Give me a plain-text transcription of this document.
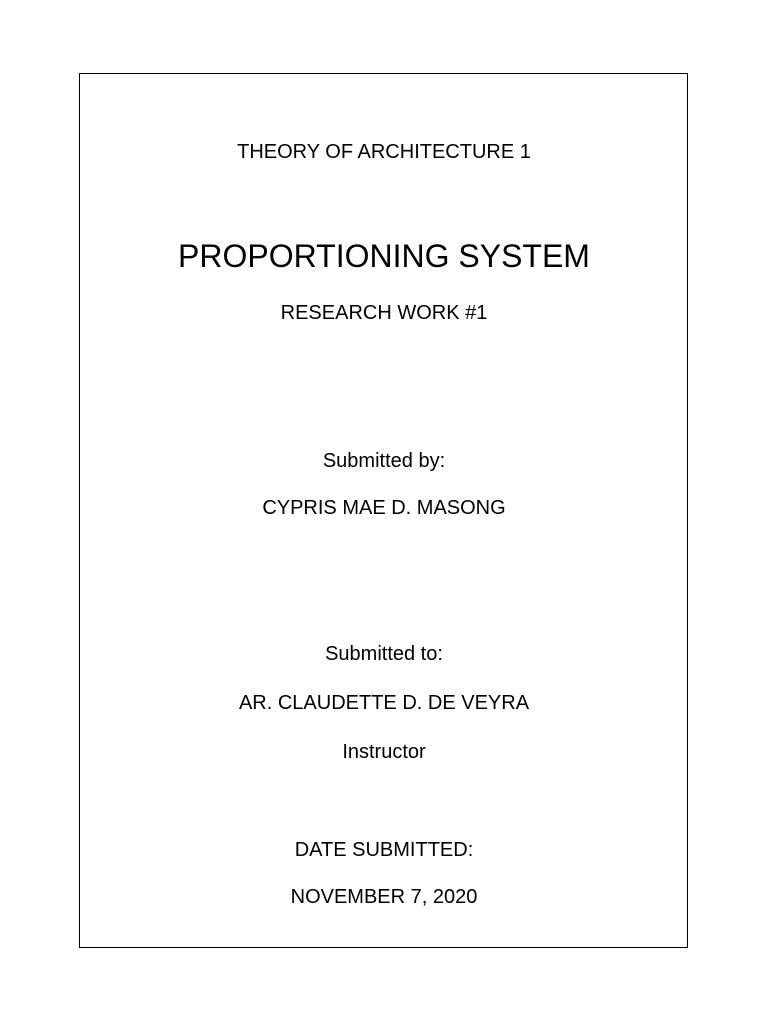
THEORY OF ARCHITECTURE 1
PROPORTIONING SYSTEM
RESEARCH WORK #1
Submitted by:
CYPRIS MAE D. MASONG
Submitted to:
AR. CLAUDETTE D. DE VEYRA
Instructor
DATE SUBMITTED:
NOVEMBER 7, 2020
